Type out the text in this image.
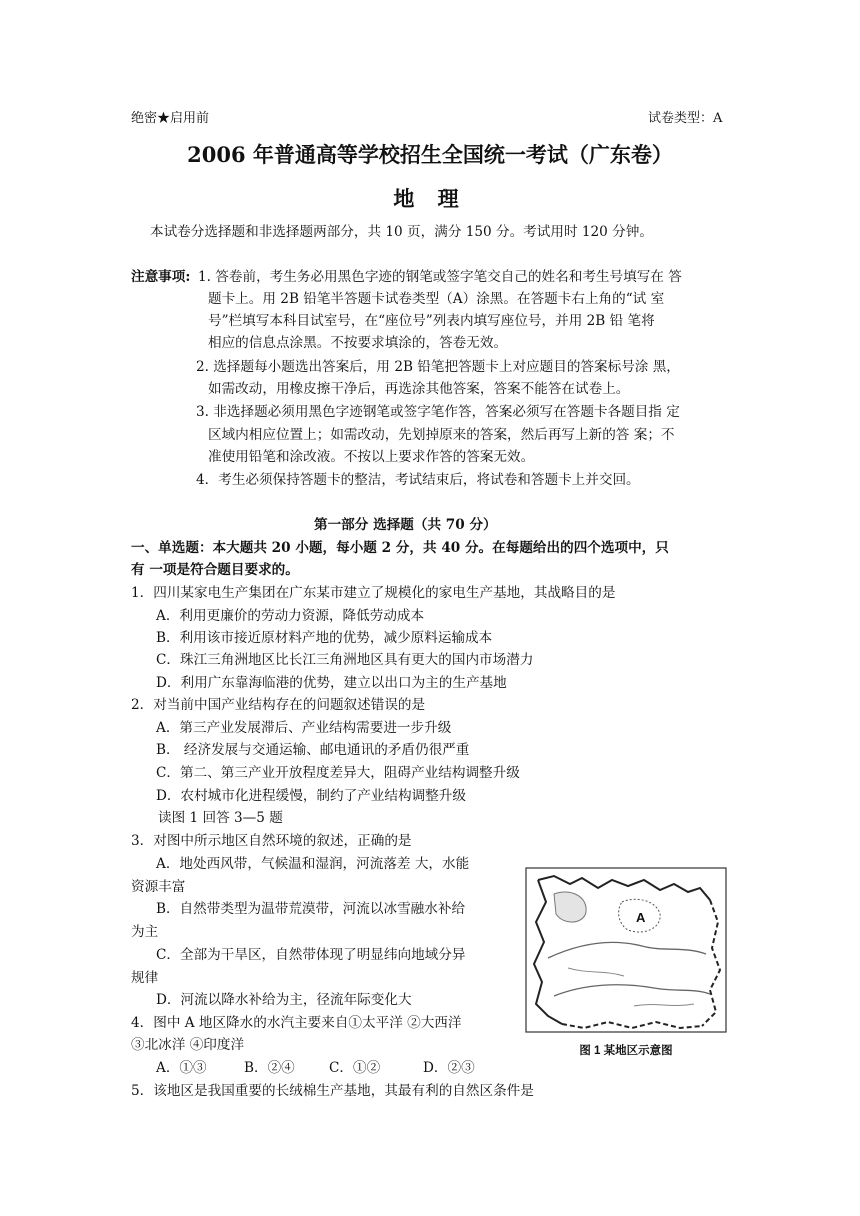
绝密★启用前	试卷类型：A
2006 年普通高等学校招生全国统一考试（广东卷）
地 理
本试卷分选择题和非选择题两部分，共 10 页，满分 150 分。考试用时 120 分钟。
注意事项: 1. 答卷前，考生务必用黑色字迹的钢笔或签字笔交自己的姓名和考生号填写在 答
题卡上。用 2B 铅笔半答题卡试卷类型（A）涂黑。在答题卡右上角的“试 室
号”栏填写本科目试室号，在“座位号”列表内填写座位号，并用 2B 铅 笔将
相应的信息点涂黑。不按要求填涂的，答卷无效。
2. 选择题每小题选出答案后，用 2B 铅笔把答题卡上对应题目的答案标号涂 黑，
如需改动，用橡皮擦干净后，再选涂其他答案，答案不能答在试卷上。
3. 非选择题必须用黑色字迹钢笔或签字笔作答，答案必须写在答题卡各题目指 定
区域内相应位置上；如需改动，先划掉原来的答案，然后再写上新的答 案；不
准使用铅笔和涂改液。不按以上要求作答的答案无效。
4．考生必须保持答题卡的整洁，考试结束后，将试卷和答题卡上并交回。
第一部分 选择题（共 70 分）
一、单选题：本大题共 20 小题，每小题 2 分，共 40 分。在每题给出的四个选项中，只
有 一项是符合题目要求的。
1．四川某家电生产集团在广东某市建立了规模化的家电生产基地，其战略目的是
A．利用更廉价的劳动力资源，降低劳动成本
B．利用该市接近原材料产地的优势，减少原料运输成本
C．珠江三角洲地区比长江三角洲地区具有更大的国内市场潜力
D．利用广东靠海临港的优势，建立以出口为主的生产基地
2．对当前中国产业结构存在的问题叙述错误的是
A．第三产业发展滞后、产业结构需要进一步升级
B． 经济发展与交通运输、邮电通讯的矛盾仍很严重
C．第二、第三产业开放程度差异大，阻碍产业结构调整升级
D．农村城市化进程缓慢，制约了产业结构调整升级
读图 1 回答 3—5 题
3．对图中所示地区自然环境的叙述，正确的是
A．地处西风带，气候温和湿润，河流落差 大，水能
资源丰富
B．自然带类型为温带荒漠带，河流以冰雪融水补给
为主
C．全部为干旱区，自然带体现了明显纬向地域分异
规律
D．河流以降水补给为主，径流年际变化大
4．图中 A 地区降水的水汽主要来自①太平洋 ②大西洋
③北冰洋 ④印度洋
A．①③	B．②④	C．①②	D．②③
5．该地区是我国重要的长绒棉生产基地，其最有利的自然区条件是
A
图 1 某地区示意图
